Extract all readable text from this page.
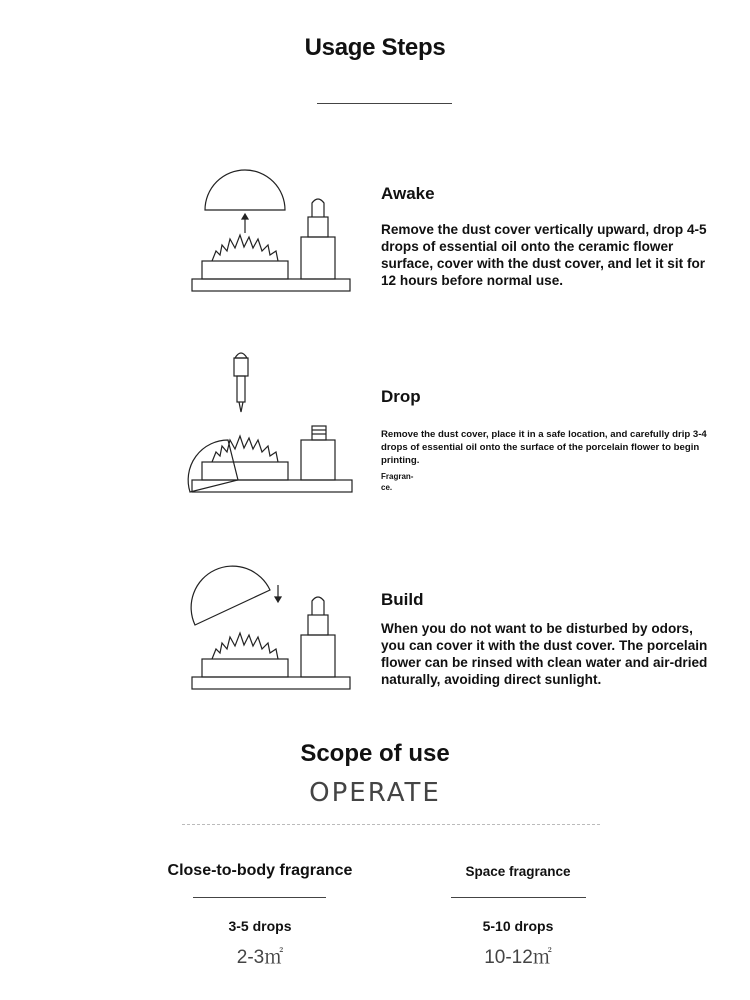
Usage Steps
Awake
Remove the dust cover vertically upward, drop 4-5 drops of essential oil onto the ceramic flower surface, cover with the dust cover, and let it sit for 12 hours before normal use.
Drop
Remove the dust cover, place it in a safe location, and carefully drip 3-4 drops of essential oil onto the surface of the porcelain flower to begin printing.
Fragran-
ce.
Build
When you do not want to be disturbed by odors, you can cover it with the dust cover. The porcelain flower can be rinsed with clean water and air-dried naturally, avoiding direct sunlight.
Scope of use
OPERATE
Close-to-body fragrance
3-5 drops
2-3㎡
Space fragrance
5-10 drops
10-12㎡
